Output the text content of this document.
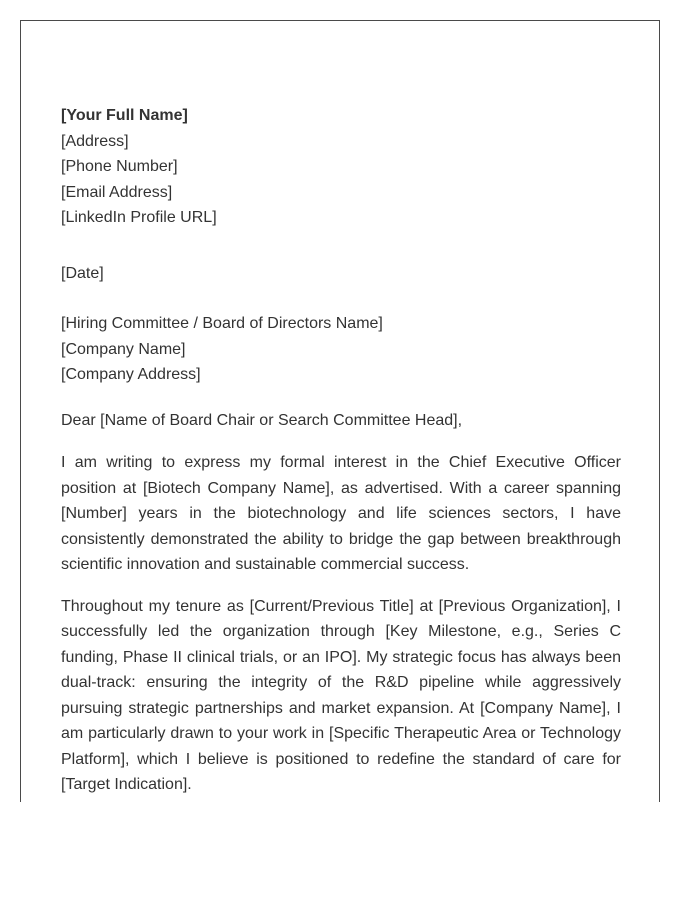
[Your Full Name]

[Address]

[Phone Number]

[Email Address]

[LinkedIn Profile URL]

[Date]

[Hiring Committee / Board of Directors Name]

[Company Name]

[Company Address]

Dear [Name of Board Chair or Search Committee Head],

I am writing to express my formal interest in the Chief Executive Officer position at [Biotech Company Name], as advertised. With a career spanning [Number] years in the biotechnology and life sciences sectors, I have consistently demonstrated the ability to bridge the gap between breakthrough scientific innovation and sustainable commercial success.

Throughout my tenure as [Current/Previous Title] at [Previous Organization], I successfully led the organization through [Key Milestone, e.g., Series C funding, Phase II clinical trials, or an IPO]. My strategic focus has always been dual-track: ensuring the integrity of the R&D pipeline while aggressively pursuing strategic partnerships and market expansion. At [Company Name], I am particularly drawn to your work in [Specific Therapeutic Area or Technology Platform], which I believe is positioned to redefine the standard of care for [Target Indication].
